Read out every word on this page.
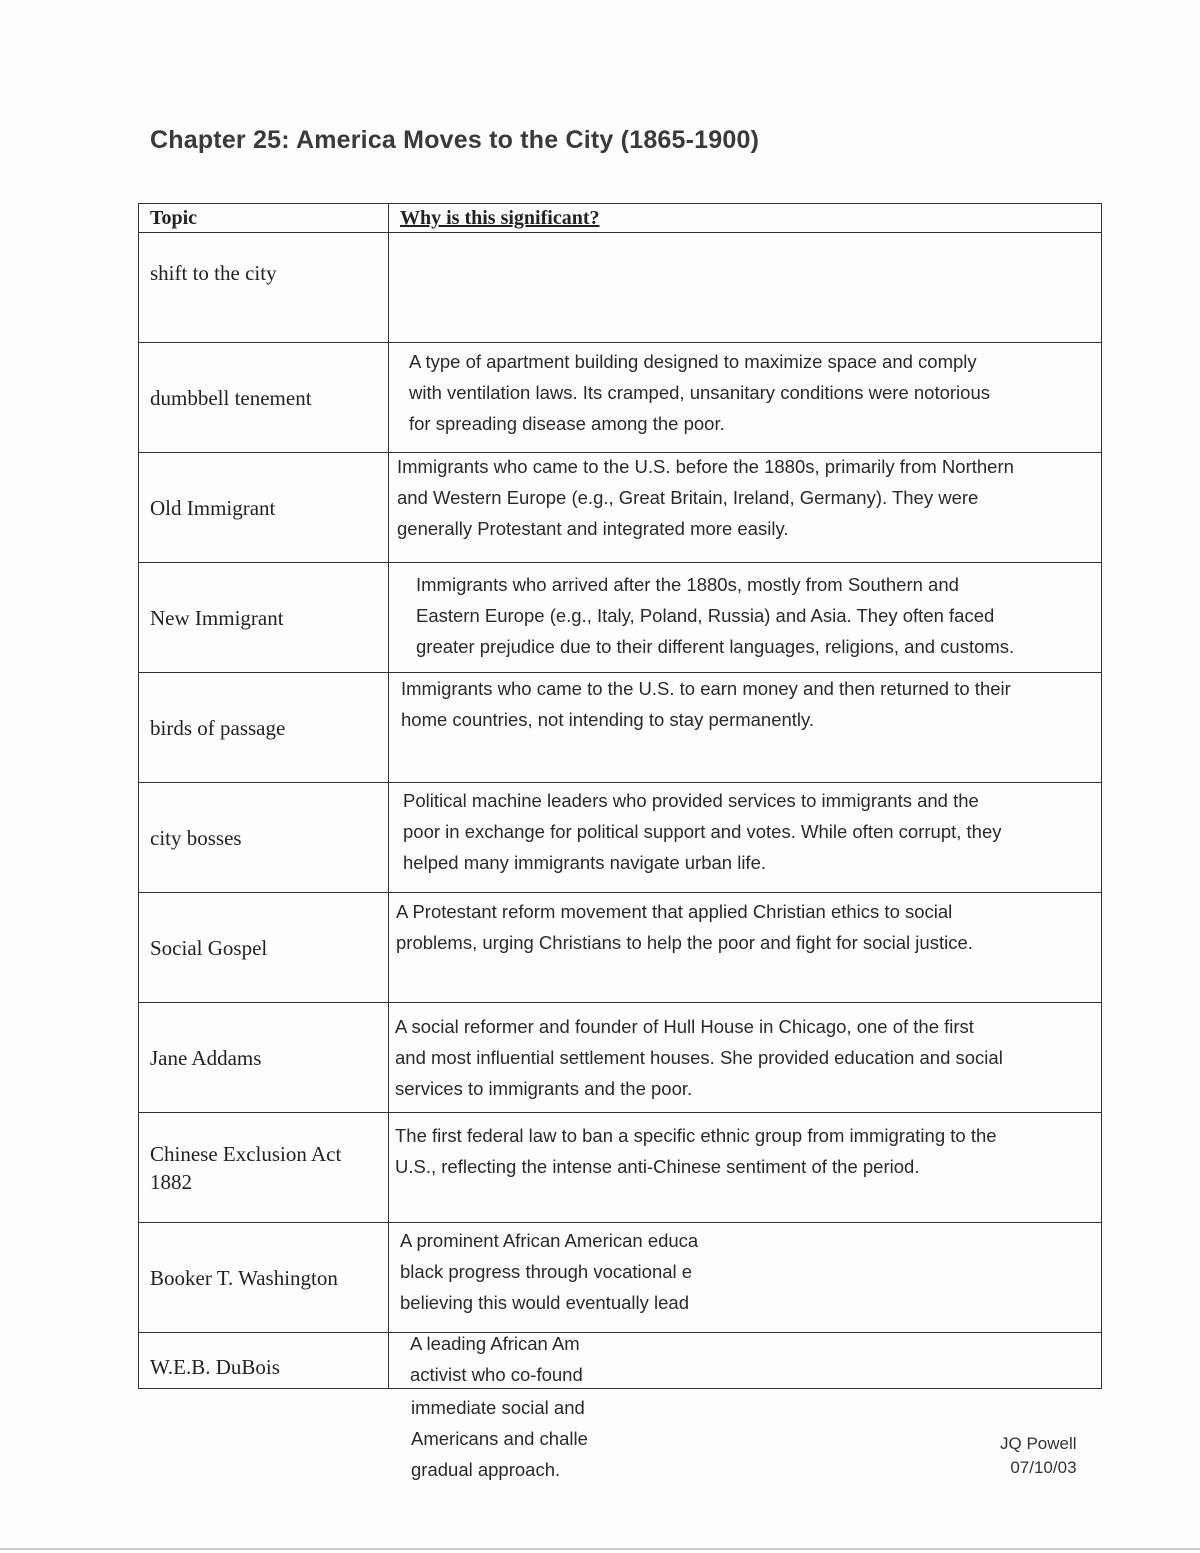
Chapter 25: America Moves to the City (1865-1900)
Topic	Why is this significant?
shift to the city
dumbbell tenement
A type of apartment building designed to maximize space and comply
with ventilation laws. Its cramped, unsanitary conditions were notorious
for spreading disease among the poor.
Old Immigrant
Immigrants who came to the U.S. before the 1880s, primarily from Northern
and Western Europe (e.g., Great Britain, Ireland, Germany). They were
generally Protestant and integrated more easily.
New Immigrant
Immigrants who arrived after the 1880s, mostly from Southern and
Eastern Europe (e.g., Italy, Poland, Russia) and Asia. They often faced
greater prejudice due to their different languages, religions, and customs.
birds of passage
Immigrants who came to the U.S. to earn money and then returned to their
home countries, not intending to stay permanently.
city bosses
Political machine leaders who provided services to immigrants and the
poor in exchange for political support and votes. While often corrupt, they
helped many immigrants navigate urban life.
Social Gospel
A Protestant reform movement that applied Christian ethics to social
problems, urging Christians to help the poor and fight for social justice.
Jane Addams
A social reformer and founder of Hull House in Chicago, one of the first
and most influential settlement houses. She provided education and social
services to immigrants and the poor.
Chinese Exclusion Act 1882
The first federal law to ban a specific ethnic group from immigrating to the
U.S., reflecting the intense anti-Chinese sentiment of the period.
Booker T. Washington
A prominent African American educa
black progress through vocational e
believing this would eventually lead
W.E.B. DuBois
A leading African Am
activist who co-found
immediate social and
Americans and challe
gradual approach.
JQ Powell
07/10/03
